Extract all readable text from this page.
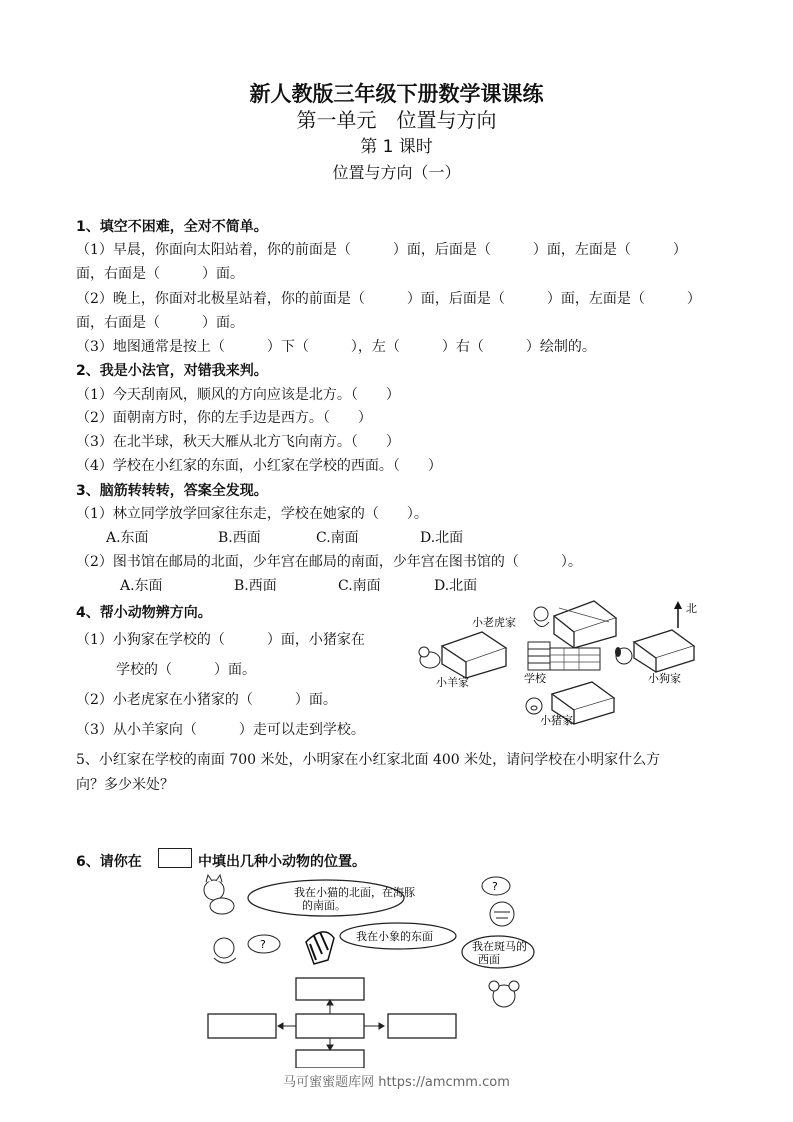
新人教版三年级下册数学课课练
第一单元　位置与方向
第 1 课时
位置与方向（一）
1、填空不困难，全对不简单。
（1）早晨，你面向太阳站着，你的前面是（　　　）面，后面是（　　　）面，左面是（　　　）
面，右面是（　　　）面。
（2）晚上，你面对北极星站着，你的前面是（　　　）面，后面是（　　　）面，左面是（　　　）
面，右面是（　　　）面。
（3）地图通常是按上（　　　）下（　　　），左（　　　）右（　　　）绘制的。
2、我是小法官，对错我来判。
（1）今天刮南风，顺风的方向应该是北方。（　　）
（2）面朝南方时，你的左手边是西方。（　　）
（3）在北半球，秋天大雁从北方飞向南方。（　　）
（4）学校在小红家的东面，小红家在学校的西面。（　　）
3、脑筋转转转，答案全发现。
（1）林立同学放学回家往东走，学校在她家的（　　）。
A.东面	B.西面	C.南面	D.北面
（2）图书馆在邮局的北面，少年宫在邮局的南面，少年宫在图书馆的（　　　）。
A.东面	B.西面	C.南面	D.北面
4、帮小动物辨方向。
（1）小狗家在学校的（　　　）面，小猪家在
学校的（　　　）面。
（2）小老虎家在小猪家的（　　　）面。
（3）从小羊家向（　　　）走可以走到学校。
小老虎家
北
小羊家	学校	小狗家
小猪家
5、小红家在学校的南面 700 米处，小明家在小红家北面 400 米处，请问学校在小明家什么方
向？多少米处？
6、请你在	中填出几种小动物的位置。
我在小猫的北面，在海豚
的南面。
?
我在小象的东面
?
我在斑马的
西面
马可蜜蜜题库网 https://amcmm.com
